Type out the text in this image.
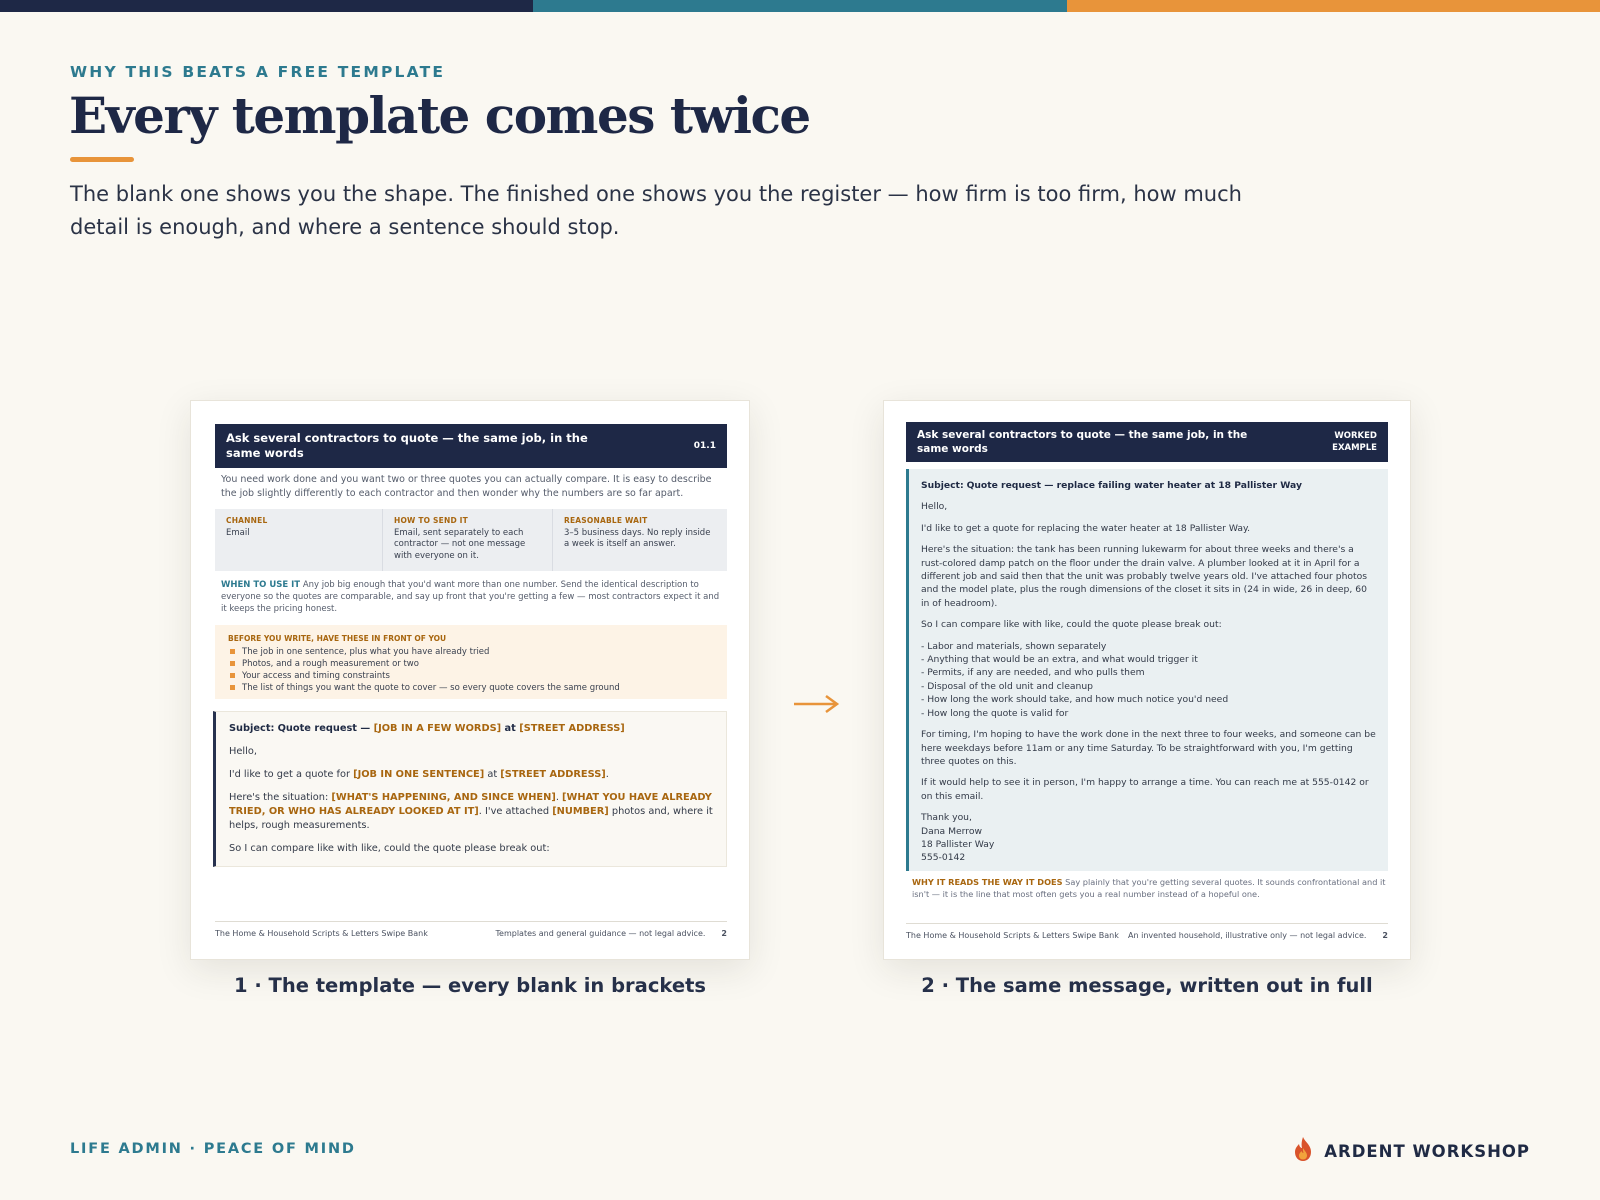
WHY THIS BEATS A FREE TEMPLATE
Every template comes twice

The blank one shows you the shape. The finished one shows you the register — how firm is too firm, how much detail is enough, and where a sentence should stop.

Ask several contractors to quote — the same job, in the same words
01.1

You need work done and you want two or three quotes you can actually compare. It is easy to describe the job slightly differently to each contractor and then wonder why the numbers are so far apart.

CHANNEL
Email
HOW TO SEND IT
Email, sent separately to each contractor — not one message with everyone on it.
REASONABLE WAIT
3–5 business days. No reply inside a week is itself an answer.

WHEN TO USE IT Any job big enough that you'd want more than one number. Send the identical description to everyone so the quotes are comparable, and say up front that you're getting a few — most contractors expect it and it keeps the pricing honest.

BEFORE YOU WRITE, HAVE THESE IN FRONT OF YOU
The job in one sentence, plus what you have already tried
Photos, and a rough measurement or two
Your access and timing constraints
The list of things you want the quote to cover — so every quote covers the same ground

Subject: Quote request — [JOB IN A FEW WORDS] at [STREET ADDRESS]

Hello,

I'd like to get a quote for [JOB IN ONE SENTENCE] at [STREET ADDRESS].

Here's the situation: [WHAT'S HAPPENING, AND SINCE WHEN]. [WHAT YOU HAVE ALREADY TRIED, OR WHO HAS ALREADY LOOKED AT IT]. I've attached [NUMBER] photos and, where it helps, rough measurements.

So I can compare like with like, could the quote please break out:

The Home & Household Scripts & Letters Swipe Bank	Templates and general guidance — not legal advice. 2
Ask several contractors to quote — the same job, in the same words
WORKED EXAMPLE

Subject: Quote request — replace failing water heater at 18 Pallister Way

Hello,

I'd like to get a quote for replacing the water heater at 18 Pallister Way.

Here's the situation: the tank has been running lukewarm for about three weeks and there's a rust-colored damp patch on the floor under the drain valve. A plumber looked at it in April for a different job and said then that the unit was probably twelve years old. I've attached four photos and the model plate, plus the rough dimensions of the closet it sits in (24 in wide, 26 in deep, 60 in of headroom).

So I can compare like with like, could the quote please break out:

- Labor and materials, shown separately
- Anything that would be an extra, and what would trigger it
- Permits, if any are needed, and who pulls them
- Disposal of the old unit and cleanup
- How long the work should take, and how much notice you'd need
- How long the quote is valid for

For timing, I'm hoping to have the work done in the next three to four weeks, and someone can be here weekdays before 11am or any time Saturday. To be straightforward with you, I'm getting three quotes on this.

If it would help to see it in person, I'm happy to arrange a time. You can reach me at 555-0142 or on this email.

Thank you,
Dana Merrow
18 Pallister Way
555-0142

WHY IT READS THE WAY IT DOES Say plainly that you're getting several quotes. It sounds confrontational and it isn't — it is the line that most often gets you a real number instead of a hopeful one.

The Home & Household Scripts & Letters Swipe Bank An invented household, illustrative only — not legal advice. 2
1 · The template — every blank in brackets	2 · The same message, written out in full
LIFE ADMIN · PEACE OF MIND	ARDENT WORKSHOP
